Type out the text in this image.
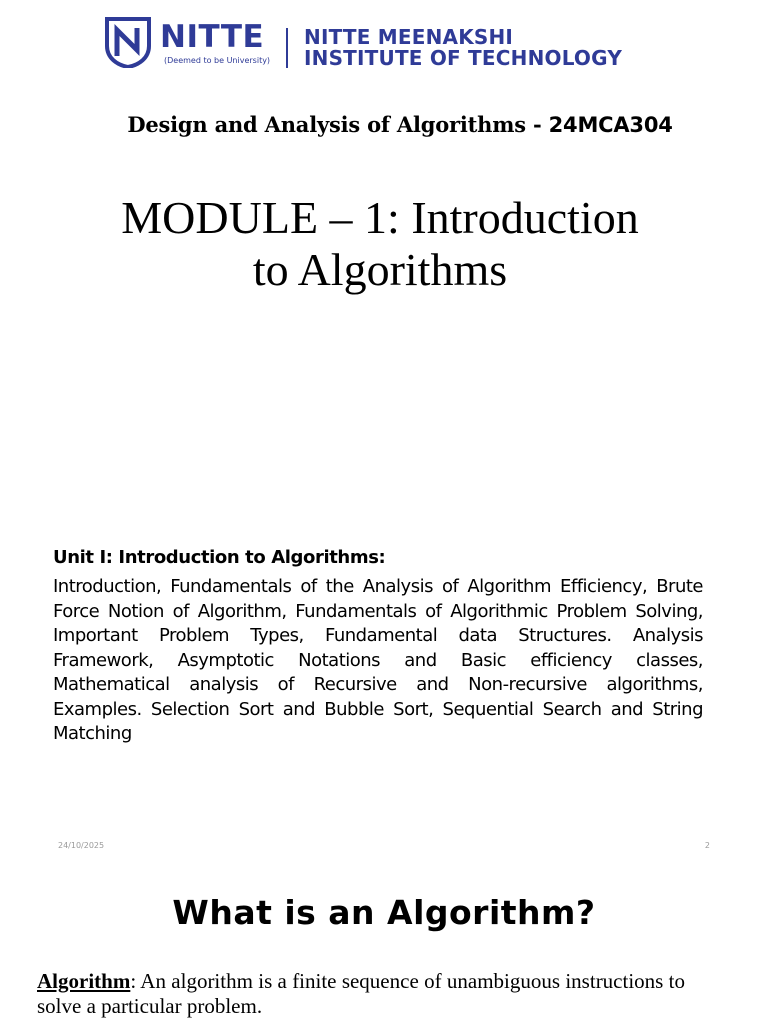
NITTE
(Deemed to be University)
NITTE MEENAKSHI
INSTITUTE OF TECHNOLOGY
Design and Analysis of Algorithms - 24MCA304
MODULE – 1: Introduction
to Algorithms
Unit I: Introduction to Algorithms:
Introduction, Fundamentals of the Analysis of Algorithm Efficiency, Brute Force Notion of Algorithm, Fundamentals of Algorithmic Problem Solving, Important Problem Types, Fundamental data Structures. Analysis Framework, Asymptotic Notations and Basic efficiency classes, Mathematical analysis of Recursive and Non-recursive algorithms, Examples. Selection Sort and Bubble Sort, Sequential Search and String Matching
24/10/2025	2
What is an Algorithm?
Algorithm: An algorithm is a finite sequence of unambiguous instructions to solve a particular problem.
